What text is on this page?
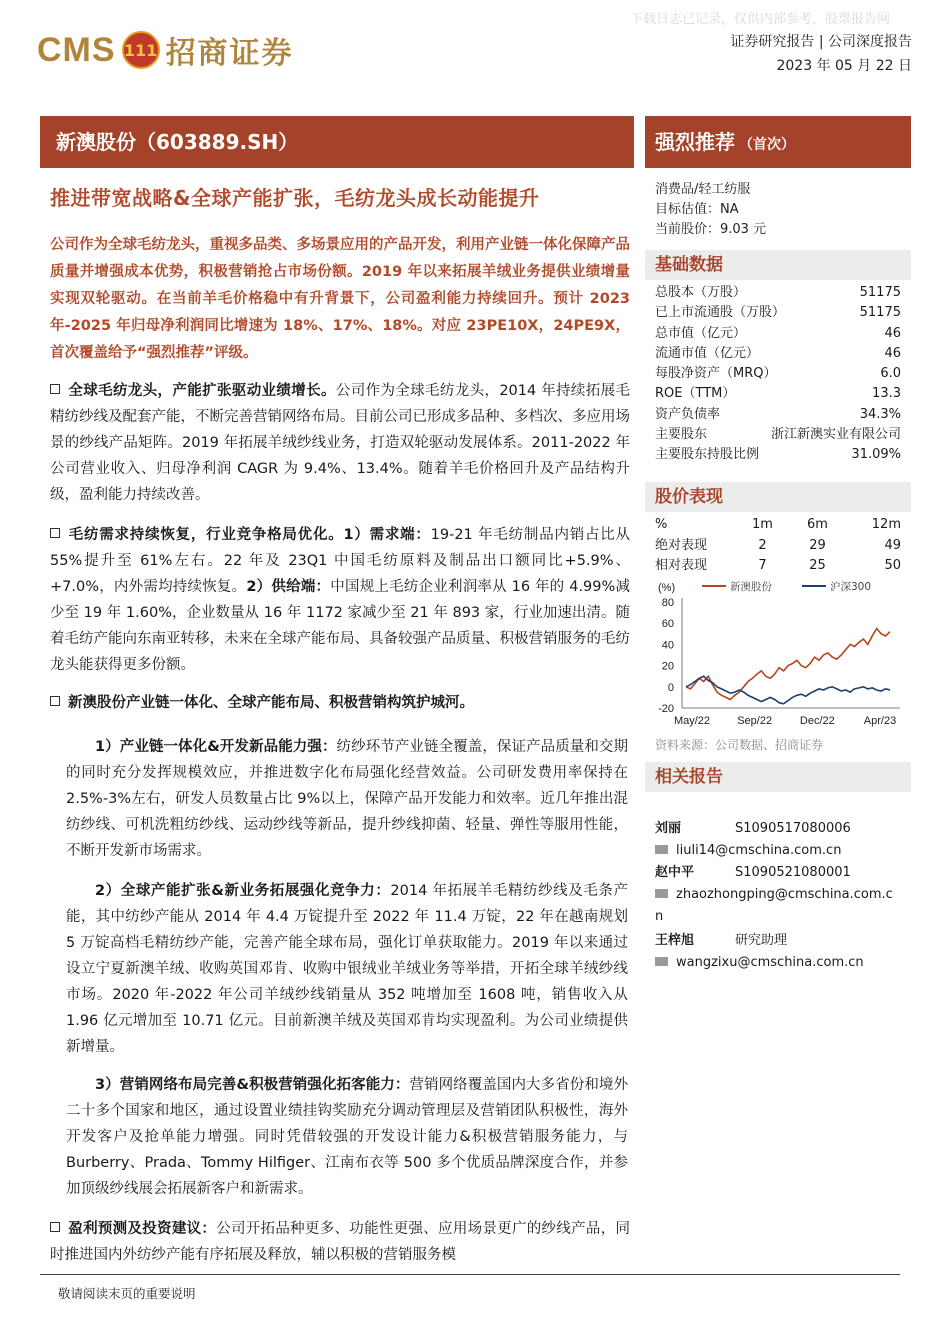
下载日志已记录，仅供内部参考，股票报告网
CMS 111 招商证券	证券研究报告 | 公司深度报告
2023 年 05 月 22 日
新澳股份（603889.SH）	强烈推荐 （首次）
推进带宽战略&全球产能扩张，毛纺龙头成长动能提升
公司作为全球毛纺龙头，重视多品类、多场景应用的产品开发，利用产业链一体化保障产品质量并增强成本优势，积极营销抢占市场份额。2019 年以来拓展羊绒业务提供业绩增量实现双轮驱动。在当前羊毛价格稳中有升背景下，公司盈利能力持续回升。预计 2023 年-2025 年归母净利润同比增速为 18%、17%、18%。对应 23PE10X，24PE9X，首次覆盖给予“强烈推荐”评级。
全球毛纺龙头，产能扩张驱动业绩增长。公司作为全球毛纺龙头，2014 年持续拓展毛精纺纱线及配套产能，不断完善营销网络布局。目前公司已形成多品种、多档次、多应用场景的纱线产品矩阵。2019 年拓展羊绒纱线业务，打造双轮驱动发展体系。2011-2022 年公司营业收入、归母净利润 CAGR 为 9.4%、13.4%。随着羊毛价格回升及产品结构升级，盈利能力持续改善。
毛纺需求持续恢复，行业竞争格局优化。1）需求端：19-21 年毛纺制品内销占比从 55%提升至 61%左右。22 年及 23Q1 中国毛纺原料及制品出口额同比+5.9%、+7.0%，内外需均持续恢复。2）供给端：中国规上毛纺企业利润率从 16 年的 4.99%减少至 19 年 1.60%，企业数量从 16 年 1172 家减少至 21 年 893 家，行业加速出清。随着毛纺产能向东南亚转移，未来在全球产能布局、具备较强产品质量、积极营销服务的毛纺龙头能获得更多份额。
新澳股份产业链一体化、全球产能布局、积极营销构筑护城河。
1）产业链一体化&开发新品能力强：纺纱环节产业链全覆盖，保证产品质量和交期的同时充分发挥规模效应，并推进数字化布局强化经营效益。公司研发费用率保持在 2.5%-3%左右，研发人员数量占比 9%以上，保障产品开发能力和效率。近几年推出混纺纱线、可机洗粗纺纱线、运动纱线等新品，提升纱线抑菌、轻量、弹性等服用性能，不断开发新市场需求。
2）全球产能扩张&新业务拓展强化竞争力：2014 年拓展羊毛精纺纱线及毛条产能，其中纺纱产能从 2014 年 4.4 万锭提升至 2022 年 11.4 万锭，22 年在越南规划 5 万锭高档毛精纺纱产能，完善产能全球布局，强化订单获取能力。2019 年以来通过设立宁夏新澳羊绒、收购英国邓肯、收购中银绒业羊绒业务等举措，开拓全球羊绒纱线市场。2020 年-2022 年公司羊绒纱线销量从 352 吨增加至 1608 吨，销售收入从 1.96 亿元增加至 10.71 亿元。目前新澳羊绒及英国邓肯均实现盈利。为公司业绩提供新增量。
3）营销网络布局完善&积极营销强化拓客能力：营销网络覆盖国内大多省份和境外二十多个国家和地区，通过设置业绩挂钩奖励充分调动管理层及营销团队积极性，海外开发客户及抢单能力增强。同时凭借较强的开发设计能力&积极营销服务能力，与 Burberry、Prada、Tommy Hilfiger、江南布衣等 500 多个优质品牌深度合作，并参加顶级纱线展会拓展新客户和新需求。
盈利预测及投资建议：公司开拓品种更多、功能性更强、应用场景更广的纱线产品，同时推进国内外纺纱产能有序拓展及释放，辅以积极的营销服务模
消费品/轻工纺服
目标估值：NA
当前股价：9.03 元
基础数据
总股本（万股）	51175
已上市流通股（万股）	51175
总市值（亿元）	46
流通市值（亿元）	46
每股净资产（MRQ）	6.0
ROE（TTM）	13.3
资产负债率	34.3%
主要股东	浙江新澳实业有限公司
主要股东持股比例	31.09%
股价表现
%	1m	6m	12m
绝对表现	2	29	49
相对表现	7	25	50
(%)	新澳股份	沪深300
80
60
40
20
0
-20
May/22 Sep/22	Dec/22	Apr/23
资料来源：公司数据、招商证券
相关报告
刘丽	S1090517080006
liuli14@cmschina.com.cn
赵中平	S1090521080001
zhaozhongping@cmschina.com.cn
王梓旭	研究助理
wangzixu@cmschina.com.cn
敬请阅读末页的重要说明
